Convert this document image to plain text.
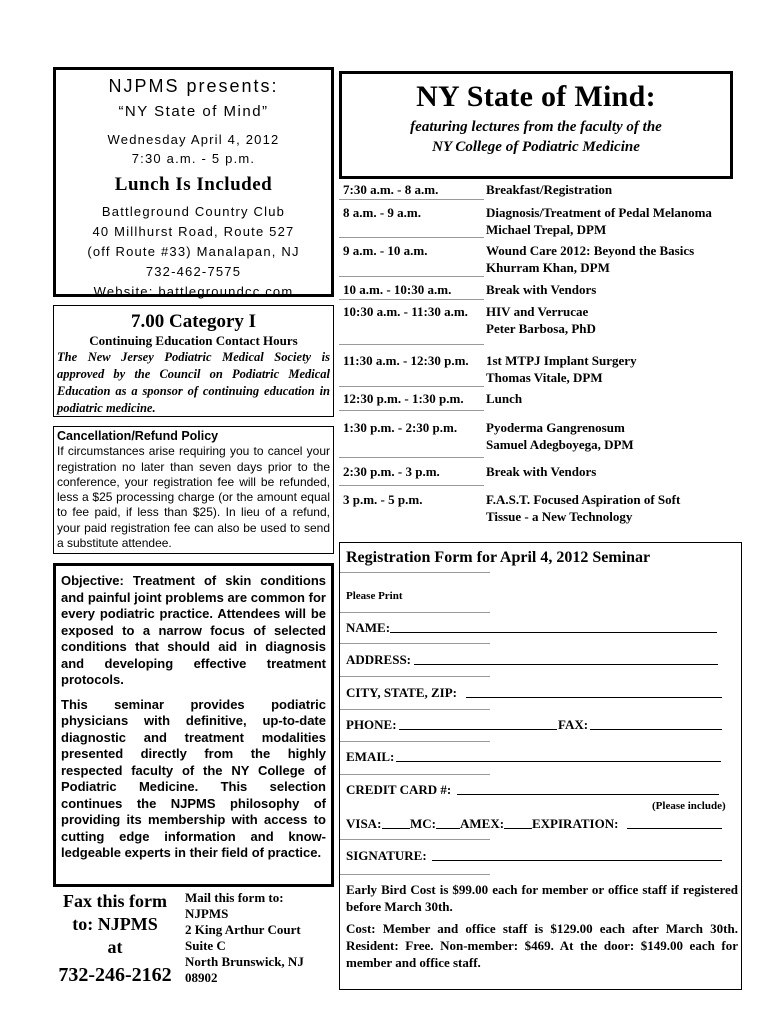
NJPMS presents:
“NY State of Mind”
Wednesday April 4, 2012
7:30 a.m. - 5 p.m.
Lunch Is Included
Battleground Country Club
40 Millhurst Road, Route 527
(off Route #33) Manalapan, NJ
732-462-7575
Website: battlegroundcc.com
7.00 Category I
Continuing Education Contact Hours
The New Jersey Podiatric Medical Society is approved by the Council on Podiatric Medical Education as a sponsor of continuing education in podiatric medicine.
Cancellation/Refund Policy
If circumstances arise requiring you to cancel your registration no later than seven days prior to the conference, your registration fee will be refunded, less a $25 processing charge (or the amount equal to fee paid, if less than $25). In lieu of a refund, your paid registration fee can also be used to send a substitute attendee.
Objective: Treatment of skin conditions and painful joint problems are common for every podiatric practice. Attendees will be exposed to a narrow focus of selected conditions that should aid in diagnosis and developing effective treatment protocols.
This seminar provides podiatric physicians with definitive, up-to-date diagnostic and treatment modalities presented directly from the highly respected faculty of the NY College of Podiatric Medicine. This selection continues the NJPMS philosophy of providing its membership with access to cutting edge information and know-ledgeable experts in their field of practice.
Fax this form
to: NJPMS
at
732-246-2162
Mail this form to:
NJPMS
2 King Arthur Court
Suite C
North Brunswick, NJ
08902
NY State of Mind:
featuring lectures from the faculty of the
NY College of Podiatric Medicine
7:30 a.m. - 8 a.m.	Breakfast/Registration
8 a.m. - 9 a.m.	Diagnosis/Treatment of Pedal Melanoma
Michael Trepal, DPM
9 a.m. - 10 a.m.	Wound Care 2012: Beyond the Basics
Khurram Khan, DPM
10 a.m. - 10:30 a.m.	Break with Vendors
10:30 a.m. - 11:30 a.m. HIV and Verrucae
Peter Barbosa, PhD
11:30 a.m. - 12:30 p.m. 1st MTPJ Implant Surgery
Thomas Vitale, DPM
12:30 p.m. - 1:30 p.m. Lunch
1:30 p.m. - 2:30 p.m. Pyoderma Gangrenosum
Samuel Adegboyega, DPM
2:30 p.m. - 3 p.m.	Break with Vendors
3 p.m. - 5 p.m.	F.A.S.T. Focused Aspiration of Soft
Tissue - a New Technology
Registration Form for April 4, 2012 Seminar
Please Print
NAME:
ADDRESS:
CITY, STATE, ZIP:
PHONE:	FAX:
EMAIL:
CREDIT CARD #:
(Please include)
VISA: MC: AMEX: EXPIRATION:
SIGNATURE:

Early Bird Cost is $99.00 each for member or office staff if registered before March 30th.

Cost: Member and office staff is $129.00 each after March 30th. Resident: Free. Non-member: $469. At the door: $149.00 each for member and office staff.
